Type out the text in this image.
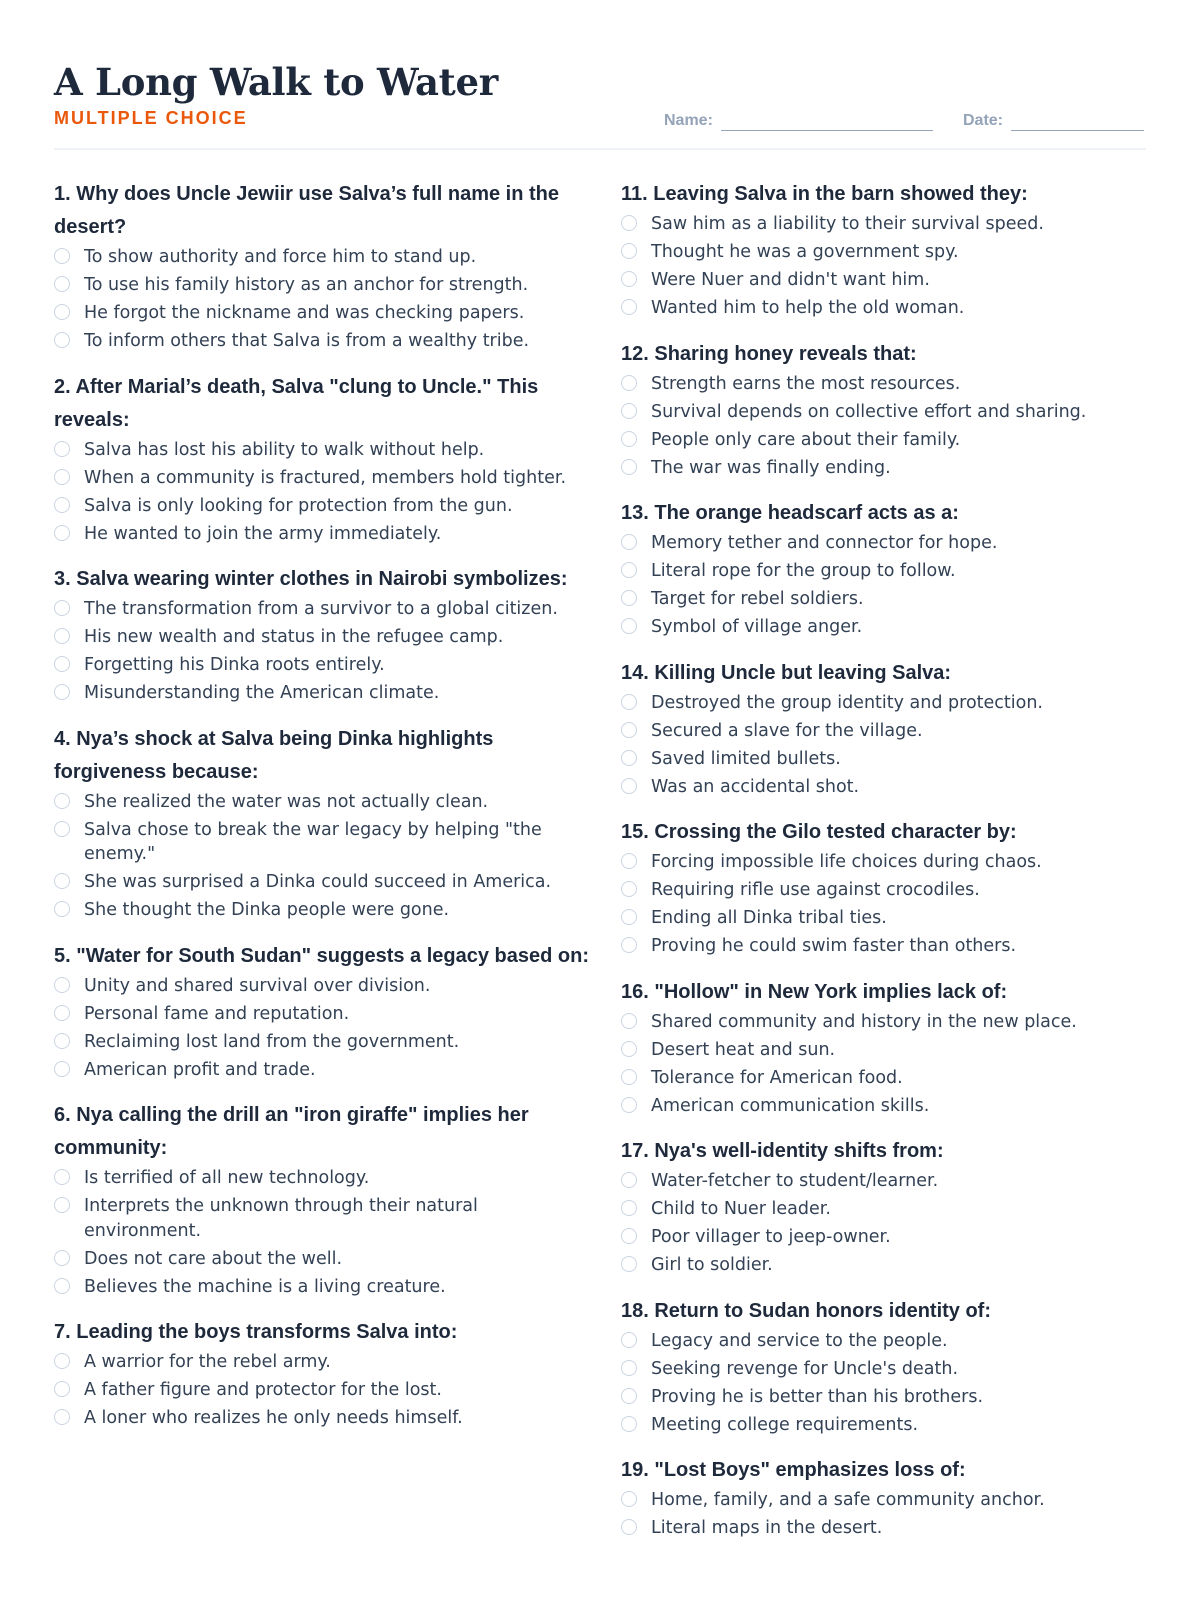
A Long Walk to Water
MULTIPLE CHOICE	Name:	Date:
1. Why does Uncle Jewiir use Salva’s full name in the desert?
To show authority and force him to stand up.
To use his family history as an anchor for strength.
He forgot the nickname and was checking papers.
To inform others that Salva is from a wealthy tribe.
2. After Marial’s death, Salva "clung to Uncle." This reveals:
Salva has lost his ability to walk without help.
When a community is fractured, members hold tighter.
Salva is only looking for protection from the gun.
He wanted to join the army immediately.
3. Salva wearing winter clothes in Nairobi symbolizes:
The transformation from a survivor to a global citizen.
His new wealth and status in the refugee camp.
Forgetting his Dinka roots entirely.
Misunderstanding the American climate.
4. Nya’s shock at Salva being Dinka highlights forgiveness because:
She realized the water was not actually clean.
Salva chose to break the war legacy by helping "the enemy."
She was surprised a Dinka could succeed in America.
She thought the Dinka people were gone.
5. "Water for South Sudan" suggests a legacy based on:
Unity and shared survival over division.
Personal fame and reputation.
Reclaiming lost land from the government.
American profit and trade.
6. Nya calling the drill an "iron giraffe" implies her community:
Is terrified of all new technology.
Interprets the unknown through their natural environment.
Does not care about the well.
Believes the machine is a living creature.
7. Leading the boys transforms Salva into:
A warrior for the rebel army.
A father figure and protector for the lost.
A loner who realizes he only needs himself.
11. Leaving Salva in the barn showed they:
Saw him as a liability to their survival speed.
Thought he was a government spy.
Were Nuer and didn't want him.
Wanted him to help the old woman.
12. Sharing honey reveals that:
Strength earns the most resources.
Survival depends on collective effort and sharing.
People only care about their family.
The war was finally ending.
13. The orange headscarf acts as a:
Memory tether and connector for hope.
Literal rope for the group to follow.
Target for rebel soldiers.
Symbol of village anger.
14. Killing Uncle but leaving Salva:
Destroyed the group identity and protection.
Secured a slave for the village.
Saved limited bullets.
Was an accidental shot.
15. Crossing the Gilo tested character by:
Forcing impossible life choices during chaos.
Requiring rifle use against crocodiles.
Ending all Dinka tribal ties.
Proving he could swim faster than others.
16. "Hollow" in New York implies lack of:
Shared community and history in the new place.
Desert heat and sun.
Tolerance for American food.
American communication skills.
17. Nya's well-identity shifts from:
Water-fetcher to student/learner.
Child to Nuer leader.
Poor villager to jeep-owner.
Girl to soldier.
18. Return to Sudan honors identity of:
Legacy and service to the people.
Seeking revenge for Uncle's death.
Proving he is better than his brothers.
Meeting college requirements.
19. "Lost Boys" emphasizes loss of:
Home, family, and a safe community anchor.
Literal maps in the desert.
